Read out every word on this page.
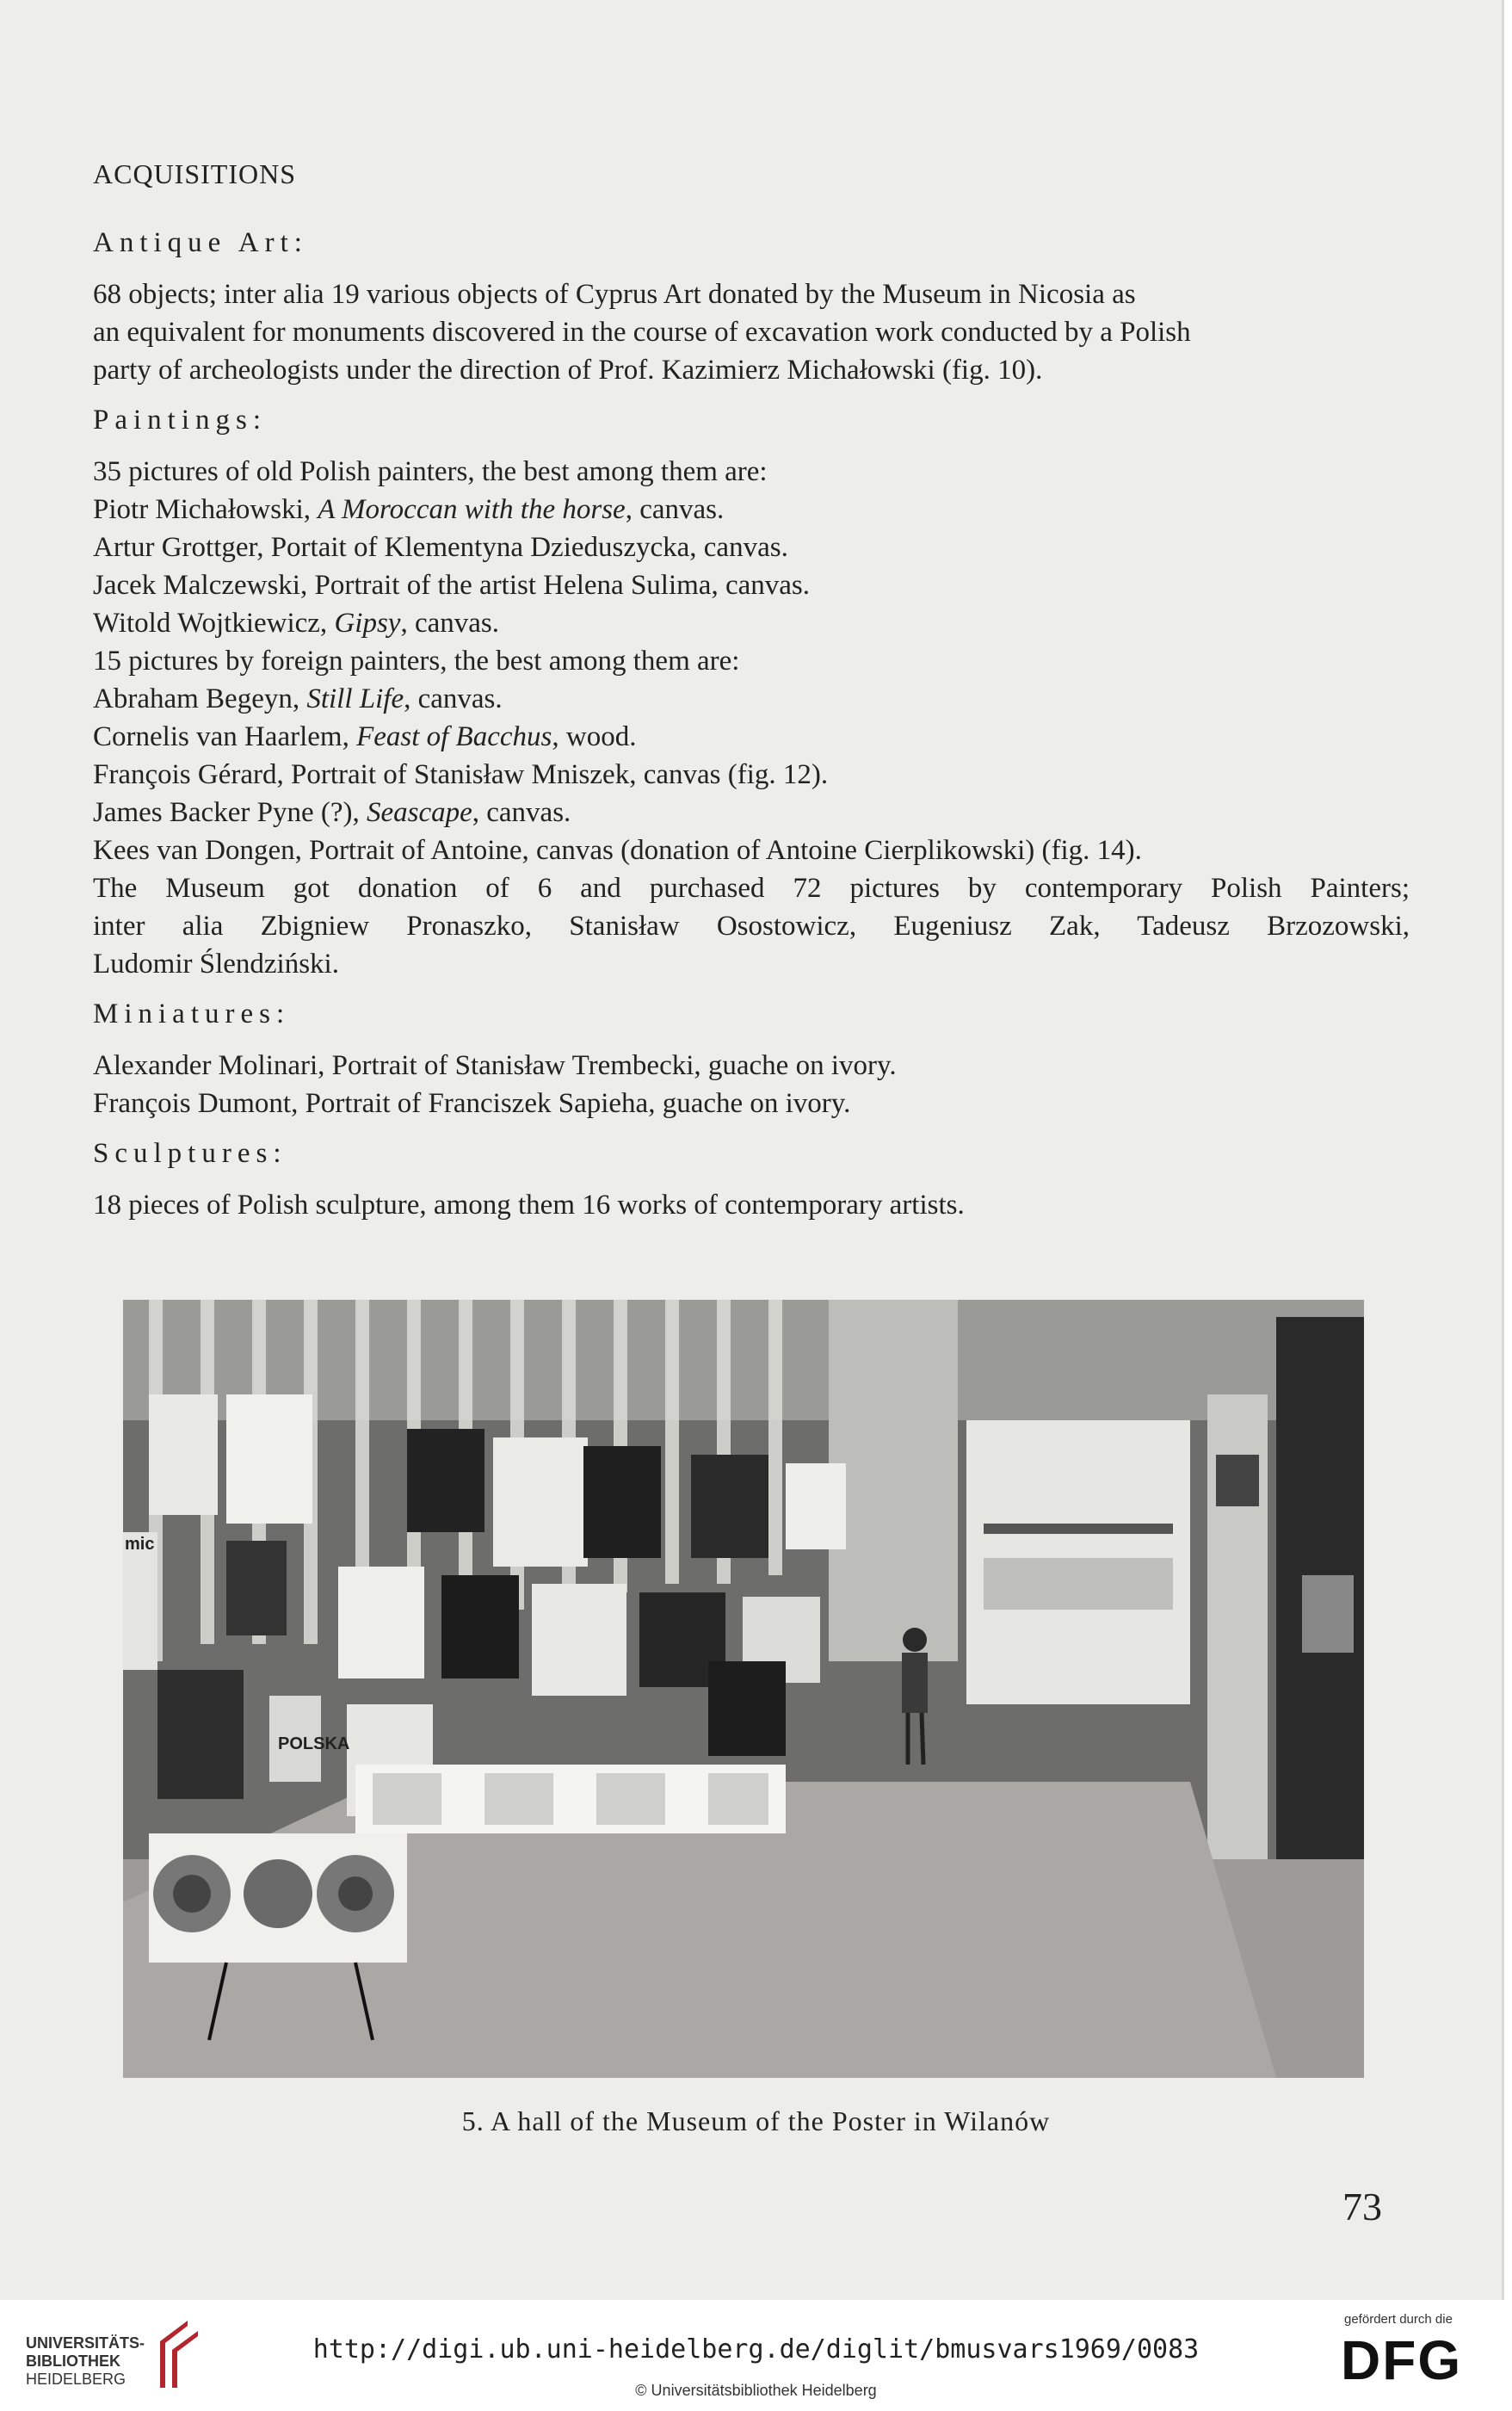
ACQUISITIONS
Antique Art:

68 objects; inter alia 19 various objects of Cyprus Art donated by the Museum in Nicosia as
an equivalent for monuments discovered in the course of excavation work conducted by a Polish
party of archeologists under the direction of Prof. Kazimierz Michałowski (fig. 10).

Paintings:

35 pictures of old Polish painters, the best among them are:
Piotr Michałowski, A Moroccan with the horse, canvas.
Artur Grottger, Portait of Klementyna Dzieduszycka, canvas.
Jacek Malczewski, Portrait of the artist Helena Sulima, canvas.
Witold Wojtkiewicz, Gipsy, canvas.
15 pictures by foreign painters, the best among them are:
Abraham Begeyn, Still Life, canvas.
Cornelis van Haarlem, Feast of Bacchus, wood.
François Gérard, Portrait of Stanisław Mniszek, canvas (fig. 12).
James Backer Pyne (?), Seascape, canvas.
Kees van Dongen, Portrait of Antoine, canvas (donation of Antoine Cierplikowski) (fig. 14).
The Museum got donation of 6 and purchased 72 pictures by contemporary Polish Painters;
inter alia Zbigniew Pronaszko, Stanisław Osostowicz, Eugeniusz Zak, Tadeusz Brzozowski,
Ludomir Ślendziński.

Miniatures:

Alexander Molinari, Portrait of Stanisław Trembecki, guache on ivory.
François Dumont, Portrait of Franciszek Sapieha, guache on ivory.

Sculptures:

18 pieces of Polish sculpture, among them 16 works of contemporary artists.

POLSKA
mic
5. A hall of the Museum of the Poster in Wilanów
73
UNIVERSITÄTS-
BIBLIOTHEK
HEIDELBERG
http://digi.ub.uni-heidelberg.de/diglit/bmusvars1969/0083
© Universitätsbibliothek Heidelberg
gefördert durch die
DFG
